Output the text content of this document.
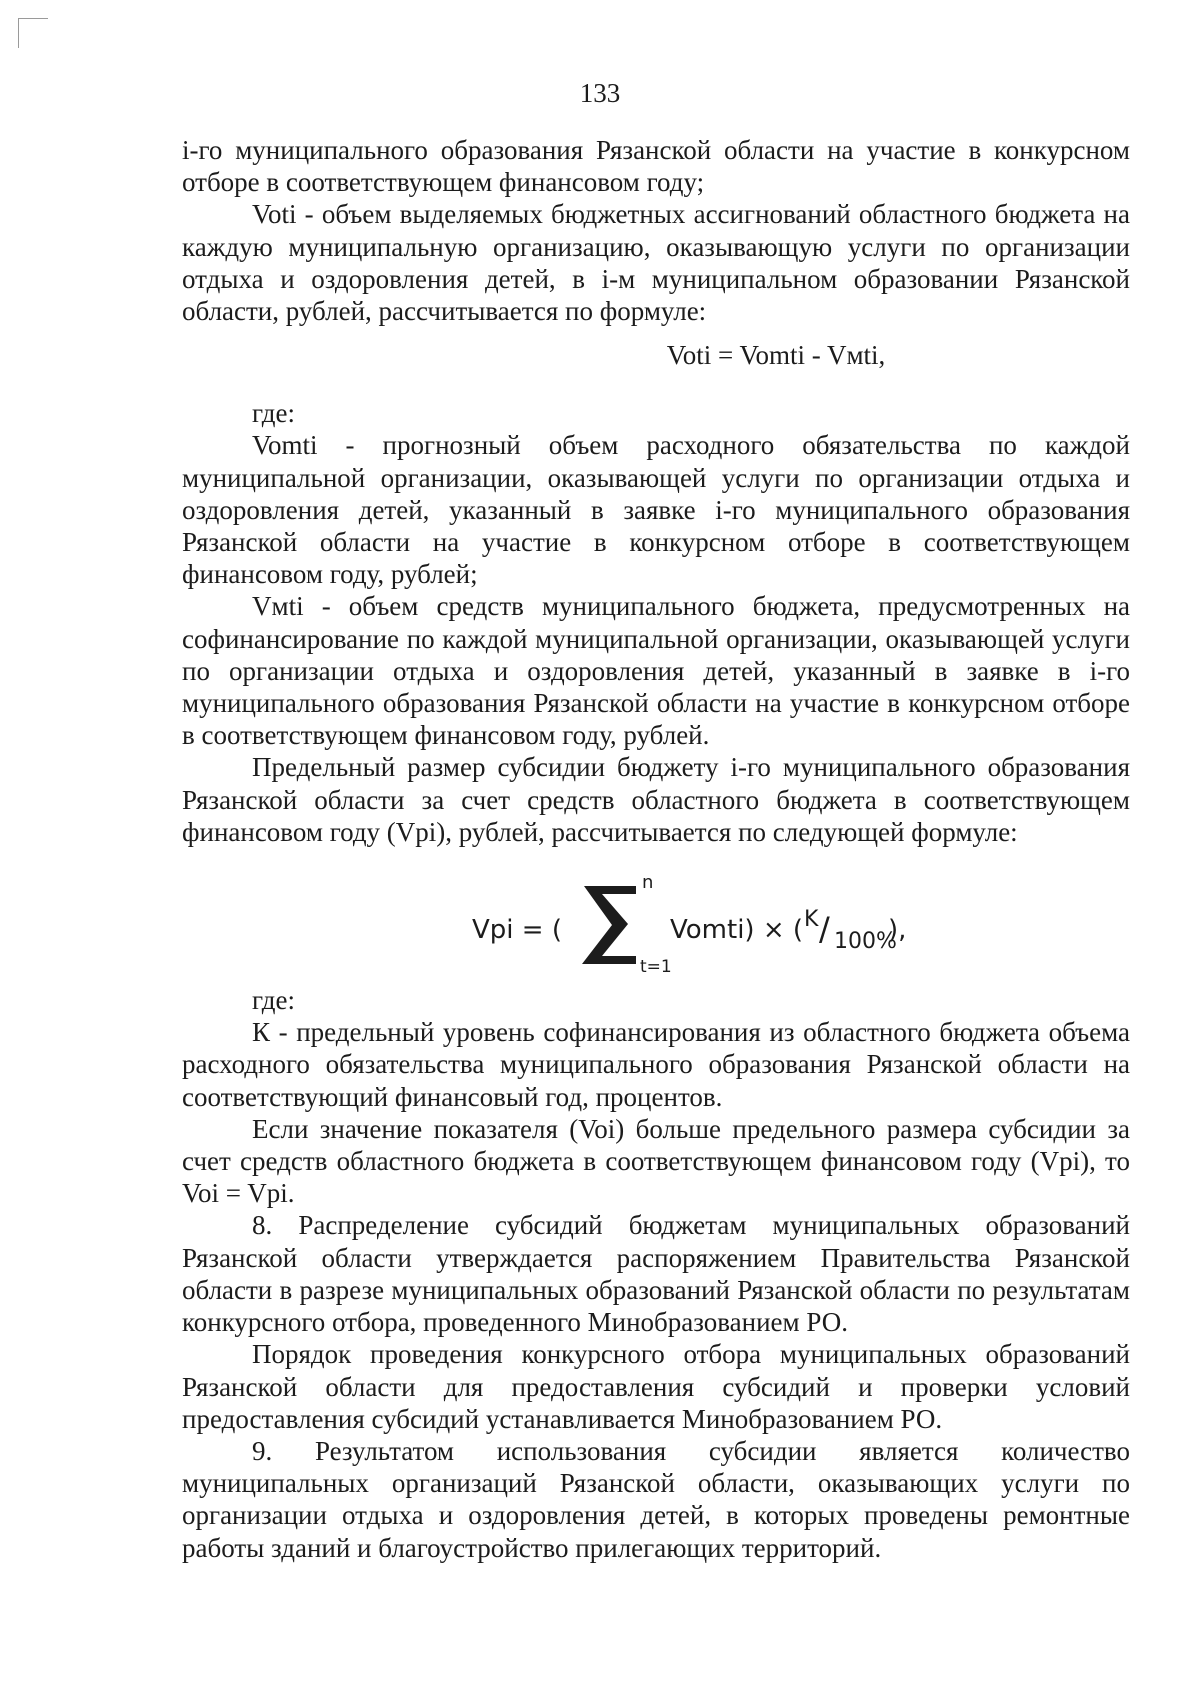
133

i-го муниципального образования Рязанской области на участие в конкурсном отборе в соответствующем финансовом году;

Voti - объем выделяемых бюджетных ассигнований областного бюджета на каждую муниципальную организацию, оказывающую услуги по организации отдыха и оздоровления детей, в i-м муниципальном образовании Рязанской области, рублей, рассчитывается по формуле:

Voti = Vomti - Vмti,

где:

Vomti - прогнозный объем расходного обязательства по каждой муниципальной организации, оказывающей услуги по организации отдыха и оздоровления детей, указанный в заявке i-го муниципального образования Рязанской области на участие в конкурсном отборе в соответствующем финансовом году, рублей;

Vмti - объем средств муниципального бюджета, предусмотренных на софинансирование по каждой муниципальной организации, оказывающей услуги по организации отдыха и оздоровления детей, указанный в заявке в i-го муниципального образования Рязанской области на участие в конкурсном отборе в соответствующем финансовом году, рублей.

Предельный размер субсидии бюджету i-го муниципального образования Рязанской области за счет средств областного бюджета в соответствующем финансовом году (Vpi), рублей, рассчитывается по следующей формуле:

Vpi = (
n
t=1
Vomti) × ( K / 100%
),

где:

К - предельный уровень софинансирования из областного бюджета объема расходного обязательства муниципального образования Рязанской области на соответствующий финансовый год, процентов.

Если значение показателя (Voi) больше предельного размера субсидии за счет средств областного бюджета в соответствующем финансовом году (Vpi), то Voi = Vpi.

8. Распределение субсидий бюджетам муниципальных образований Рязанской области утверждается распоряжением Правительства Рязанской области в разрезе муниципальных образований Рязанской области по результатам конкурсного отбора, проведенного Минобразованием РО.

Порядок проведения конкурсного отбора муниципальных образований Рязанской области для предоставления субсидий и проверки условий предоставления субсидий устанавливается Минобразованием РО.

9. Результатом использования субсидии является количество муниципальных организаций Рязанской области, оказывающих услуги по организации отдыха и оздоровления детей, в которых проведены ремонтные работы зданий и благоустройство прилегающих территорий.
